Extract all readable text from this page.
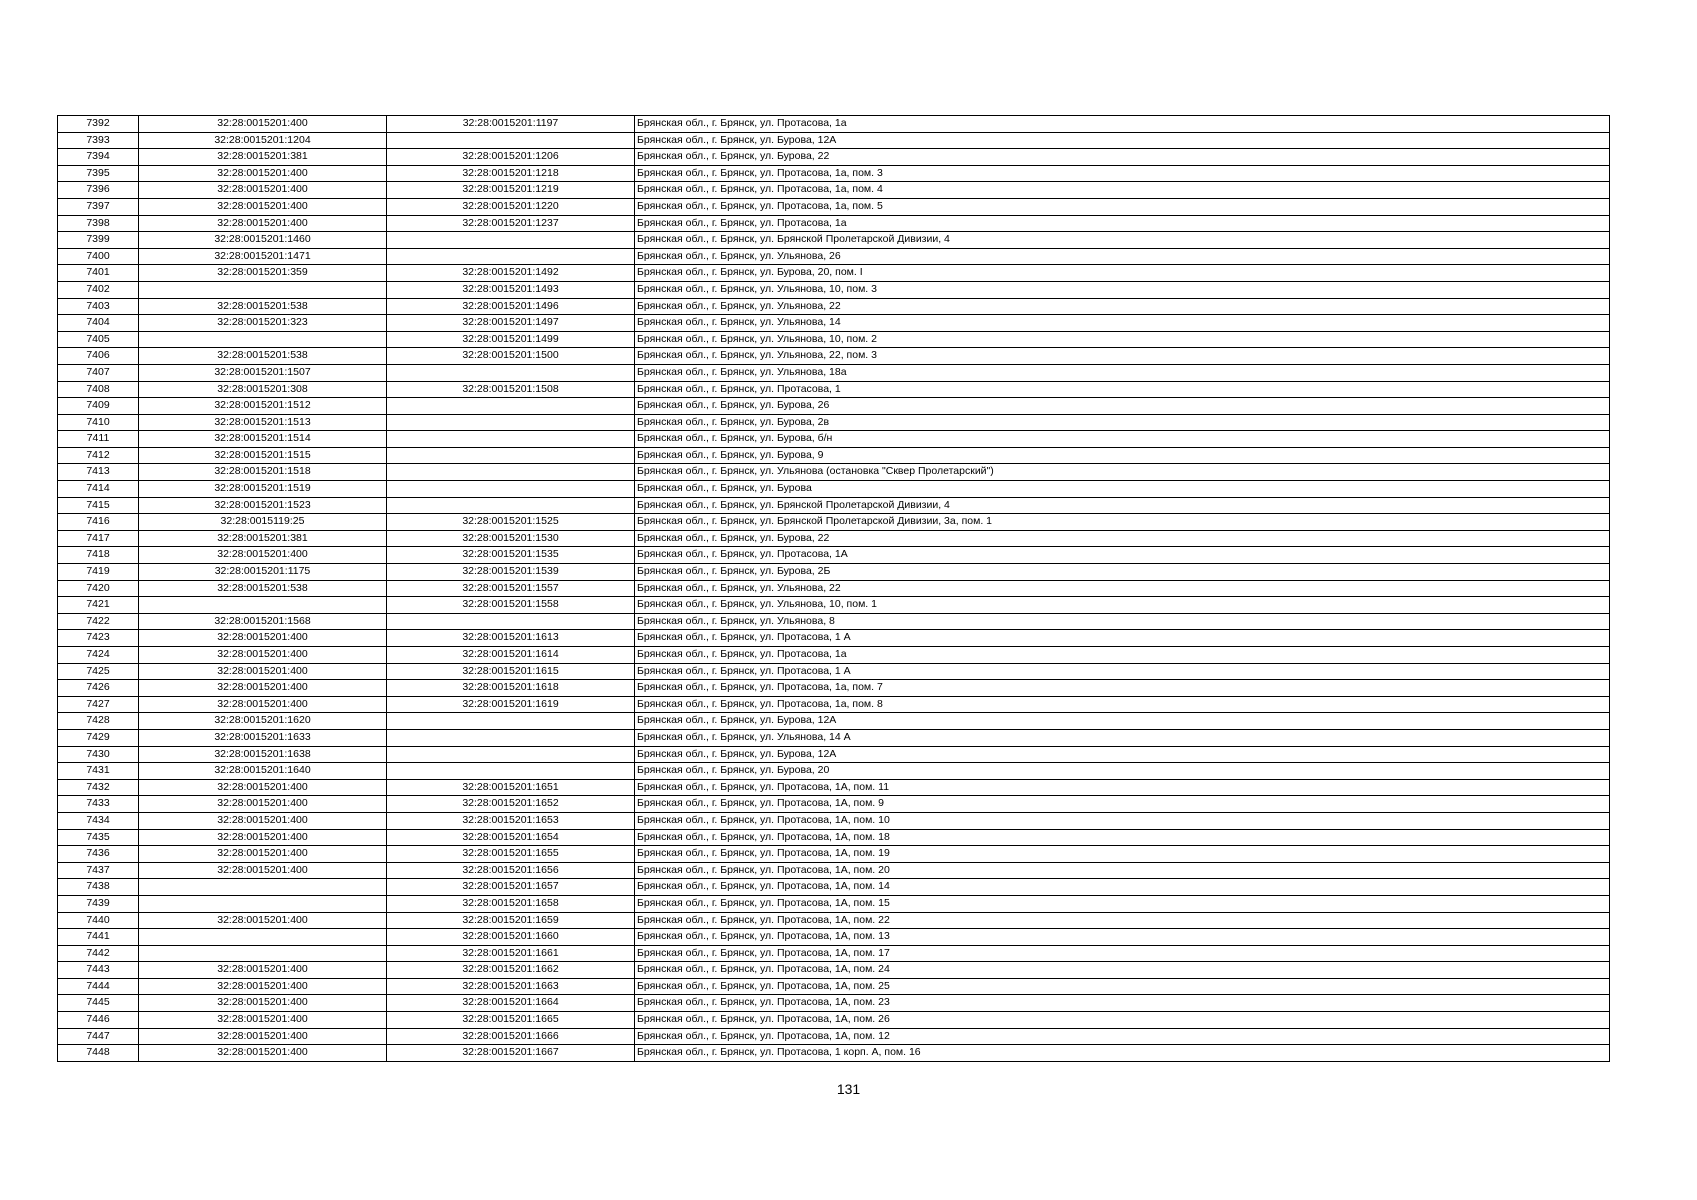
7392	32:28:0015201:400	32:28:0015201:1197	Брянская обл., г. Брянск, ул. Протасова, 1а
7393	32:28:0015201:1204		Брянская обл., г. Брянск, ул. Бурова, 12А
7394	32:28:0015201:381	32:28:0015201:1206	Брянская обл., г. Брянск, ул. Бурова, 22
7395	32:28:0015201:400	32:28:0015201:1218	Брянская обл., г. Брянск, ул. Протасова, 1а, пом. 3
7396	32:28:0015201:400	32:28:0015201:1219	Брянская обл., г. Брянск, ул. Протасова, 1а, пом. 4
7397	32:28:0015201:400	32:28:0015201:1220	Брянская обл., г. Брянск, ул. Протасова, 1а, пом. 5
7398	32:28:0015201:400	32:28:0015201:1237	Брянская обл., г. Брянск, ул. Протасова, 1а
7399	32:28:0015201:1460		Брянская обл., г. Брянск, ул. Брянской Пролетарской Дивизии, 4
7400	32:28:0015201:1471		Брянская обл., г. Брянск, ул. Ульянова, 26
7401	32:28:0015201:359	32:28:0015201:1492	Брянская обл., г. Брянск, ул. Бурова, 20, пом. I
7402		32:28:0015201:1493	Брянская обл., г. Брянск, ул. Ульянова, 10, пом. 3
7403	32:28:0015201:538	32:28:0015201:1496	Брянская обл., г. Брянск, ул. Ульянова, 22
7404	32:28:0015201:323	32:28:0015201:1497	Брянская обл., г. Брянск, ул. Ульянова, 14
7405		32:28:0015201:1499	Брянская обл., г. Брянск, ул. Ульянова, 10, пом. 2
7406	32:28:0015201:538	32:28:0015201:1500	Брянская обл., г. Брянск, ул. Ульянова, 22, пом. 3
7407	32:28:0015201:1507		Брянская обл., г. Брянск, ул. Ульянова, 18а
7408	32:28:0015201:308	32:28:0015201:1508	Брянская обл., г. Брянск, ул. Протасова, 1
7409	32:28:0015201:1512		Брянская обл., г. Брянск, ул. Бурова, 26
7410	32:28:0015201:1513		Брянская обл., г. Брянск, ул. Бурова, 2в
7411	32:28:0015201:1514		Брянская обл., г. Брянск, ул. Бурова, б/н
7412	32:28:0015201:1515		Брянская обл., г. Брянск, ул. Бурова, 9
7413	32:28:0015201:1518		Брянская обл., г. Брянск, ул. Ульянова (остановка "Сквер Пролетарский")
7414	32:28:0015201:1519		Брянская обл., г. Брянск, ул. Бурова
7415	32:28:0015201:1523		Брянская обл., г. Брянск, ул. Брянской Пролетарской Дивизии, 4
7416	32:28:0015119:25	32:28:0015201:1525	Брянская обл., г. Брянск, ул. Брянской Пролетарской Дивизии, 3а, пом. 1
7417	32:28:0015201:381	32:28:0015201:1530	Брянская обл., г. Брянск, ул. Бурова, 22
7418	32:28:0015201:400	32:28:0015201:1535	Брянская обл., г. Брянск, ул. Протасова, 1А
7419	32:28:0015201:1175	32:28:0015201:1539	Брянская обл., г. Брянск, ул. Бурова, 2Б
7420	32:28:0015201:538	32:28:0015201:1557	Брянская обл., г. Брянск, ул. Ульянова, 22
7421		32:28:0015201:1558	Брянская обл., г. Брянск, ул. Ульянова, 10, пом. 1
7422	32:28:0015201:1568		Брянская обл., г. Брянск, ул. Ульянова, 8
7423	32:28:0015201:400	32:28:0015201:1613	Брянская обл., г. Брянск, ул. Протасова, 1 А
7424	32:28:0015201:400	32:28:0015201:1614	Брянская обл., г. Брянск, ул. Протасова, 1а
7425	32:28:0015201:400	32:28:0015201:1615	Брянская обл., г. Брянск, ул. Протасова, 1 А
7426	32:28:0015201:400	32:28:0015201:1618	Брянская обл., г. Брянск, ул. Протасова, 1а, пом. 7
7427	32:28:0015201:400	32:28:0015201:1619	Брянская обл., г. Брянск, ул. Протасова, 1а, пом. 8
7428	32:28:0015201:1620		Брянская обл., г. Брянск, ул. Бурова, 12А
7429	32:28:0015201:1633		Брянская обл., г. Брянск, ул. Ульянова, 14 А
7430	32:28:0015201:1638		Брянская обл., г. Брянск, ул. Бурова, 12А
7431	32:28:0015201:1640		Брянская обл., г. Брянск, ул. Бурова, 20
7432	32:28:0015201:400	32:28:0015201:1651	Брянская обл., г. Брянск, ул. Протасова, 1А, пом. 11
7433	32:28:0015201:400	32:28:0015201:1652	Брянская обл., г. Брянск, ул. Протасова, 1А, пом. 9
7434	32:28:0015201:400	32:28:0015201:1653	Брянская обл., г. Брянск, ул. Протасова, 1А, пом. 10
7435	32:28:0015201:400	32:28:0015201:1654	Брянская обл., г. Брянск, ул. Протасова, 1А, пом. 18
7436	32:28:0015201:400	32:28:0015201:1655	Брянская обл., г. Брянск, ул. Протасова, 1А, пом. 19
7437	32:28:0015201:400	32:28:0015201:1656	Брянская обл., г. Брянск, ул. Протасова, 1А, пом. 20
7438		32:28:0015201:1657	Брянская обл., г. Брянск, ул. Протасова, 1А, пом. 14
7439		32:28:0015201:1658	Брянская обл., г. Брянск, ул. Протасова, 1А, пом. 15
7440	32:28:0015201:400	32:28:0015201:1659	Брянская обл., г. Брянск, ул. Протасова, 1А, пом. 22
7441		32:28:0015201:1660	Брянская обл., г. Брянск, ул. Протасова, 1А, пом. 13
7442		32:28:0015201:1661	Брянская обл., г. Брянск, ул. Протасова, 1А, пом. 17
7443	32:28:0015201:400	32:28:0015201:1662	Брянская обл., г. Брянск, ул. Протасова, 1А, пом. 24
7444	32:28:0015201:400	32:28:0015201:1663	Брянская обл., г. Брянск, ул. Протасова, 1А, пом. 25
7445	32:28:0015201:400	32:28:0015201:1664	Брянская обл., г. Брянск, ул. Протасова, 1А, пом. 23
7446	32:28:0015201:400	32:28:0015201:1665	Брянская обл., г. Брянск, ул. Протасова, 1А, пом. 26
7447	32:28:0015201:400	32:28:0015201:1666	Брянская обл., г. Брянск, ул. Протасова, 1А, пом. 12
7448	32:28:0015201:400	32:28:0015201:1667	Брянская обл., г. Брянск, ул. Протасова, 1 корп. А, пом. 16
131
